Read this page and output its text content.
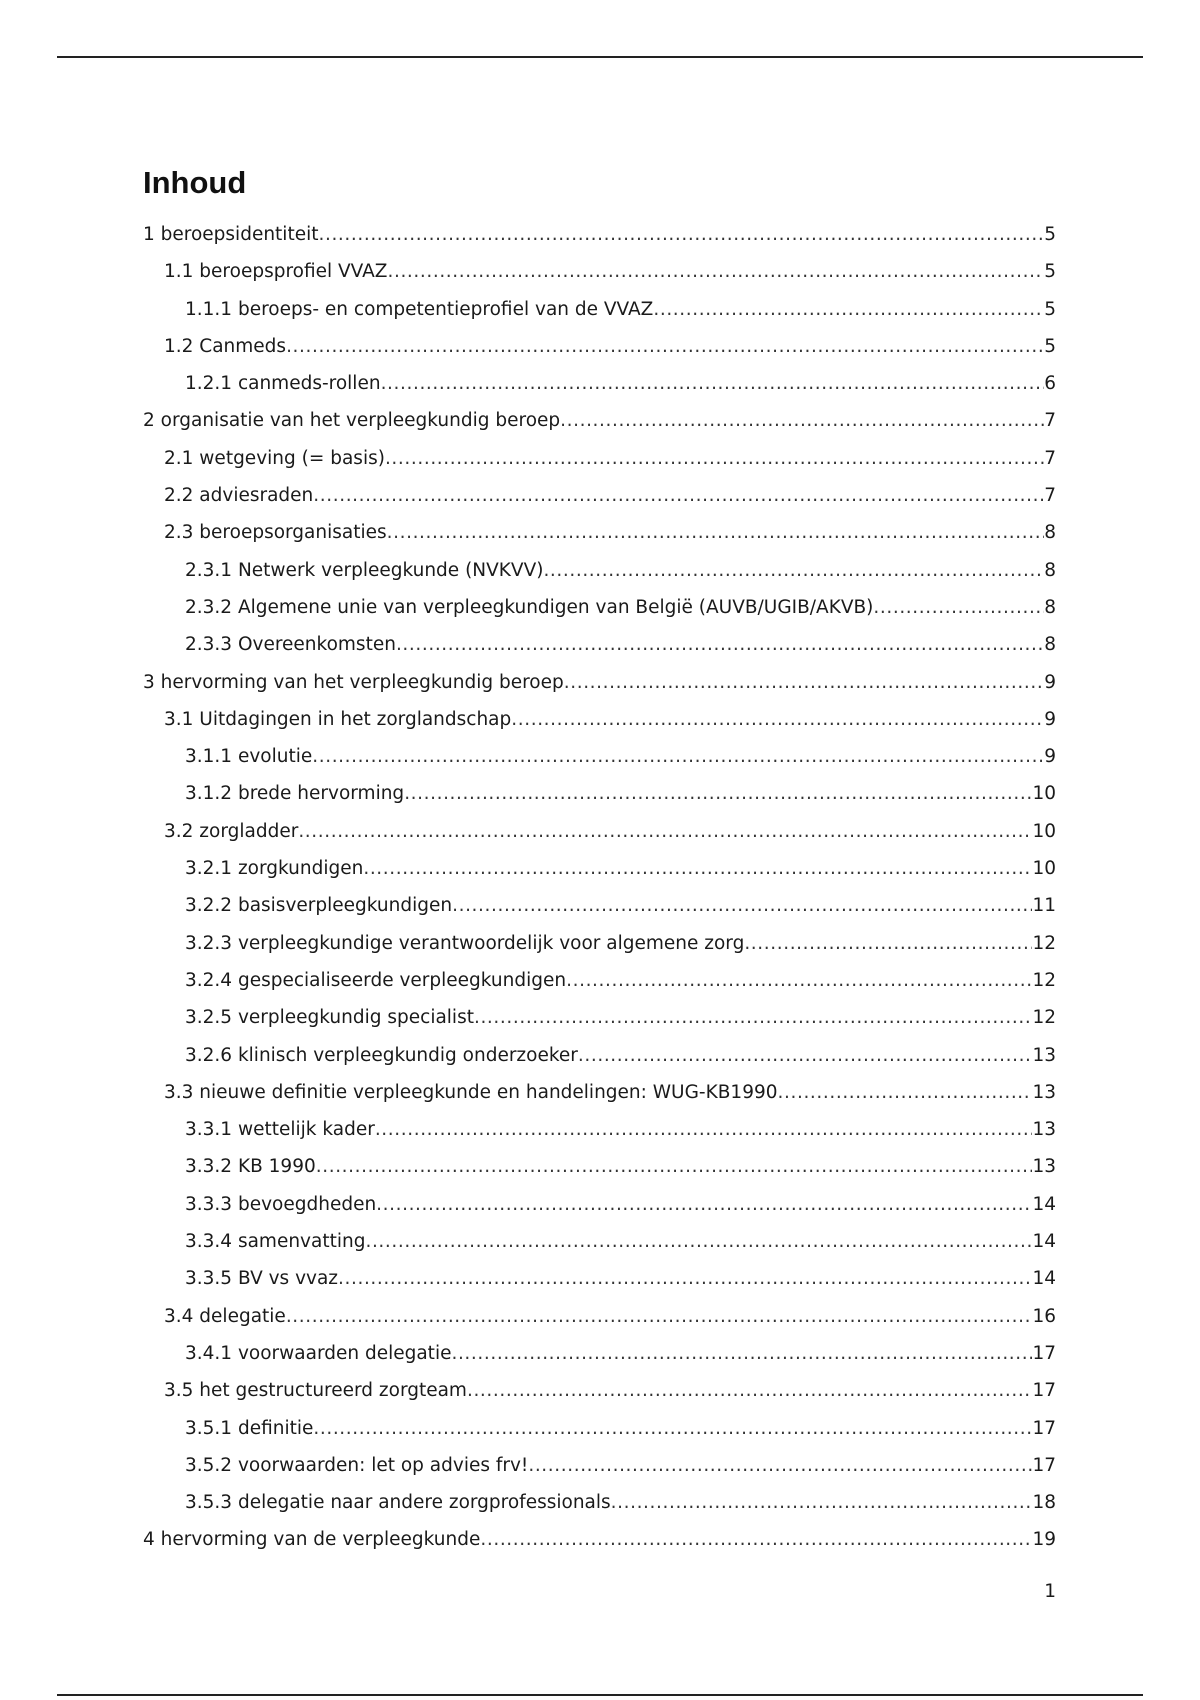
Inhoud
1 beroepsidentiteit .....	5
1.1 beroepsprofiel VVAZ .....	5
1.1.1 beroeps- en competentieprofiel van de VVAZ .....	5
1.2 Canmeds .....	5
1.2.1 canmeds-rollen .....	6
2 organisatie van het verpleegkundig beroep .....	7
2.1 wetgeving (= basis) .....	7
2.2 adviesraden .....	7
2.3 beroepsorganisaties .....	8
2.3.1 Netwerk verpleegkunde (NVKVV) .....	8
2.3.2 Algemene unie van verpleegkundigen van België (AUVB/UGIB/AKVB) .....	8
2.3.3 Overeenkomsten .....	8
3 hervorming van het verpleegkundig beroep .....	9
3.1 Uitdagingen in het zorglandschap .....	9
3.1.1 evolutie .....	9
3.1.2 brede hervorming .....	10
3.2 zorgladder .....	10
3.2.1 zorgkundigen .....	10
3.2.2 basisverpleegkundigen .....	11
3.2.3 verpleegkundige verantwoordelijk voor algemene zorg .....	12
3.2.4 gespecialiseerde verpleegkundigen .....	12
3.2.5 verpleegkundig specialist .....	12
3.2.6 klinisch verpleegkundig onderzoeker .....	13
3.3 nieuwe definitie verpleegkunde en handelingen: WUG-KB1990 .....	13
3.3.1 wettelijk kader .....	13
3.3.2 KB 1990 .....	13
3.3.3 bevoegdheden .....	14
3.3.4 samenvatting .....	14
3.3.5 BV vs vvaz .....	14
3.4 delegatie .....	16
3.4.1 voorwaarden delegatie .....	17
3.5 het gestructureerd zorgteam .....	17
3.5.1 definitie .....	17
3.5.2 voorwaarden: let op advies frv! .....	17
3.5.3 delegatie naar andere zorgprofessionals .....	18
4 hervorming van de verpleegkunde .....	19
1
